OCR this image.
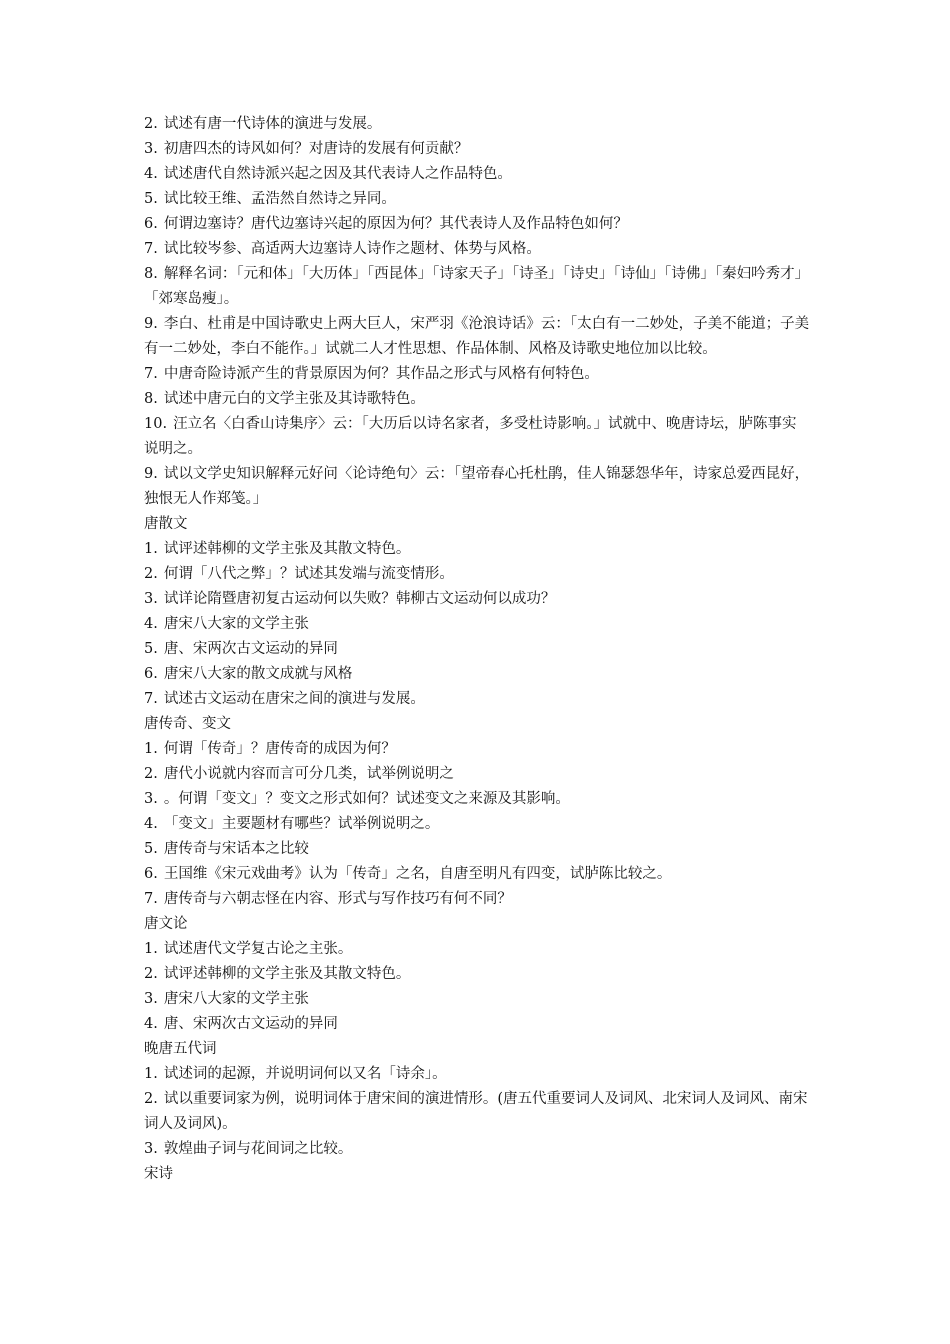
2. 试述有唐一代诗体的演进与发展。

3. 初唐四杰的诗风如何？对唐诗的发展有何贡献？

4. 试述唐代自然诗派兴起之因及其代表诗人之作品特色。

5. 试比较王维、孟浩然自然诗之异同。

6. 何谓边塞诗？唐代边塞诗兴起的原因为何？其代表诗人及作品特色如何？

7. 试比较岑参、高适两大边塞诗人诗作之题材、体势与风格。

8. 解释名词：「元和体」「大历体」「西昆体」「诗家天子」「诗圣」「诗史」「诗仙」「诗佛」「秦妇吟秀才」「郊寒岛瘦」。

9. 李白、杜甫是中国诗歌史上两大巨人，宋严羽《沧浪诗话》云：「太白有一二妙处，子美不能道；子美有一二妙处，李白不能作。」试就二人才性思想、作品体制、风格及诗歌史地位加以比较。

7. 中唐奇险诗派产生的背景原因为何？其作品之形式与风格有何特色。

8. 试述中唐元白的文学主张及其诗歌特色。

10. 汪立名〈白香山诗集序〉云：「大历后以诗名家者，多受杜诗影响。」试就中、晚唐诗坛，胪陈事实说明之。

9. 试以文学史知识解释元好问〈论诗绝句〉云：「望帝春心托杜鹃，佳人锦瑟怨华年，诗家总爱西昆好，独恨无人作郑笺。」

唐散文

1. 试评述韩柳的文学主张及其散文特色。

2. 何谓「八代之弊」？试述其发端与流变情形。

3. 试详论隋暨唐初复古运动何以失败？韩柳古文运动何以成功？

4. 唐宋八大家的文学主张

5. 唐、宋两次古文运动的异同

6. 唐宋八大家的散文成就与风格

7. 试述古文运动在唐宋之间的演进与发展。

唐传奇、变文

1. 何谓「传奇」？唐传奇的成因为何？

2. 唐代小说就内容而言可分几类，试举例说明之

3. 。何谓「变文」？变文之形式如何？试述变文之来源及其影响。

4. 「变文」主要题材有哪些？试举例说明之。

5. 唐传奇与宋话本之比较

6. 王国维《宋元戏曲考》认为「传奇」之名，自唐至明凡有四变，试胪陈比较之。

7. 唐传奇与六朝志怪在内容、形式与写作技巧有何不同？

唐文论

1. 试述唐代文学复古论之主张。

2. 试评述韩柳的文学主张及其散文特色。

3. 唐宋八大家的文学主张

4. 唐、宋两次古文运动的异同

晚唐五代词

1. 试述词的起源，并说明词何以又名「诗余」。

2. 试以重要词家为例，说明词体于唐宋间的演进情形。(唐五代重要词人及词风、北宋词人及词风、南宋词人及词风)。

3. 敦煌曲子词与花间词之比较。

宋诗
